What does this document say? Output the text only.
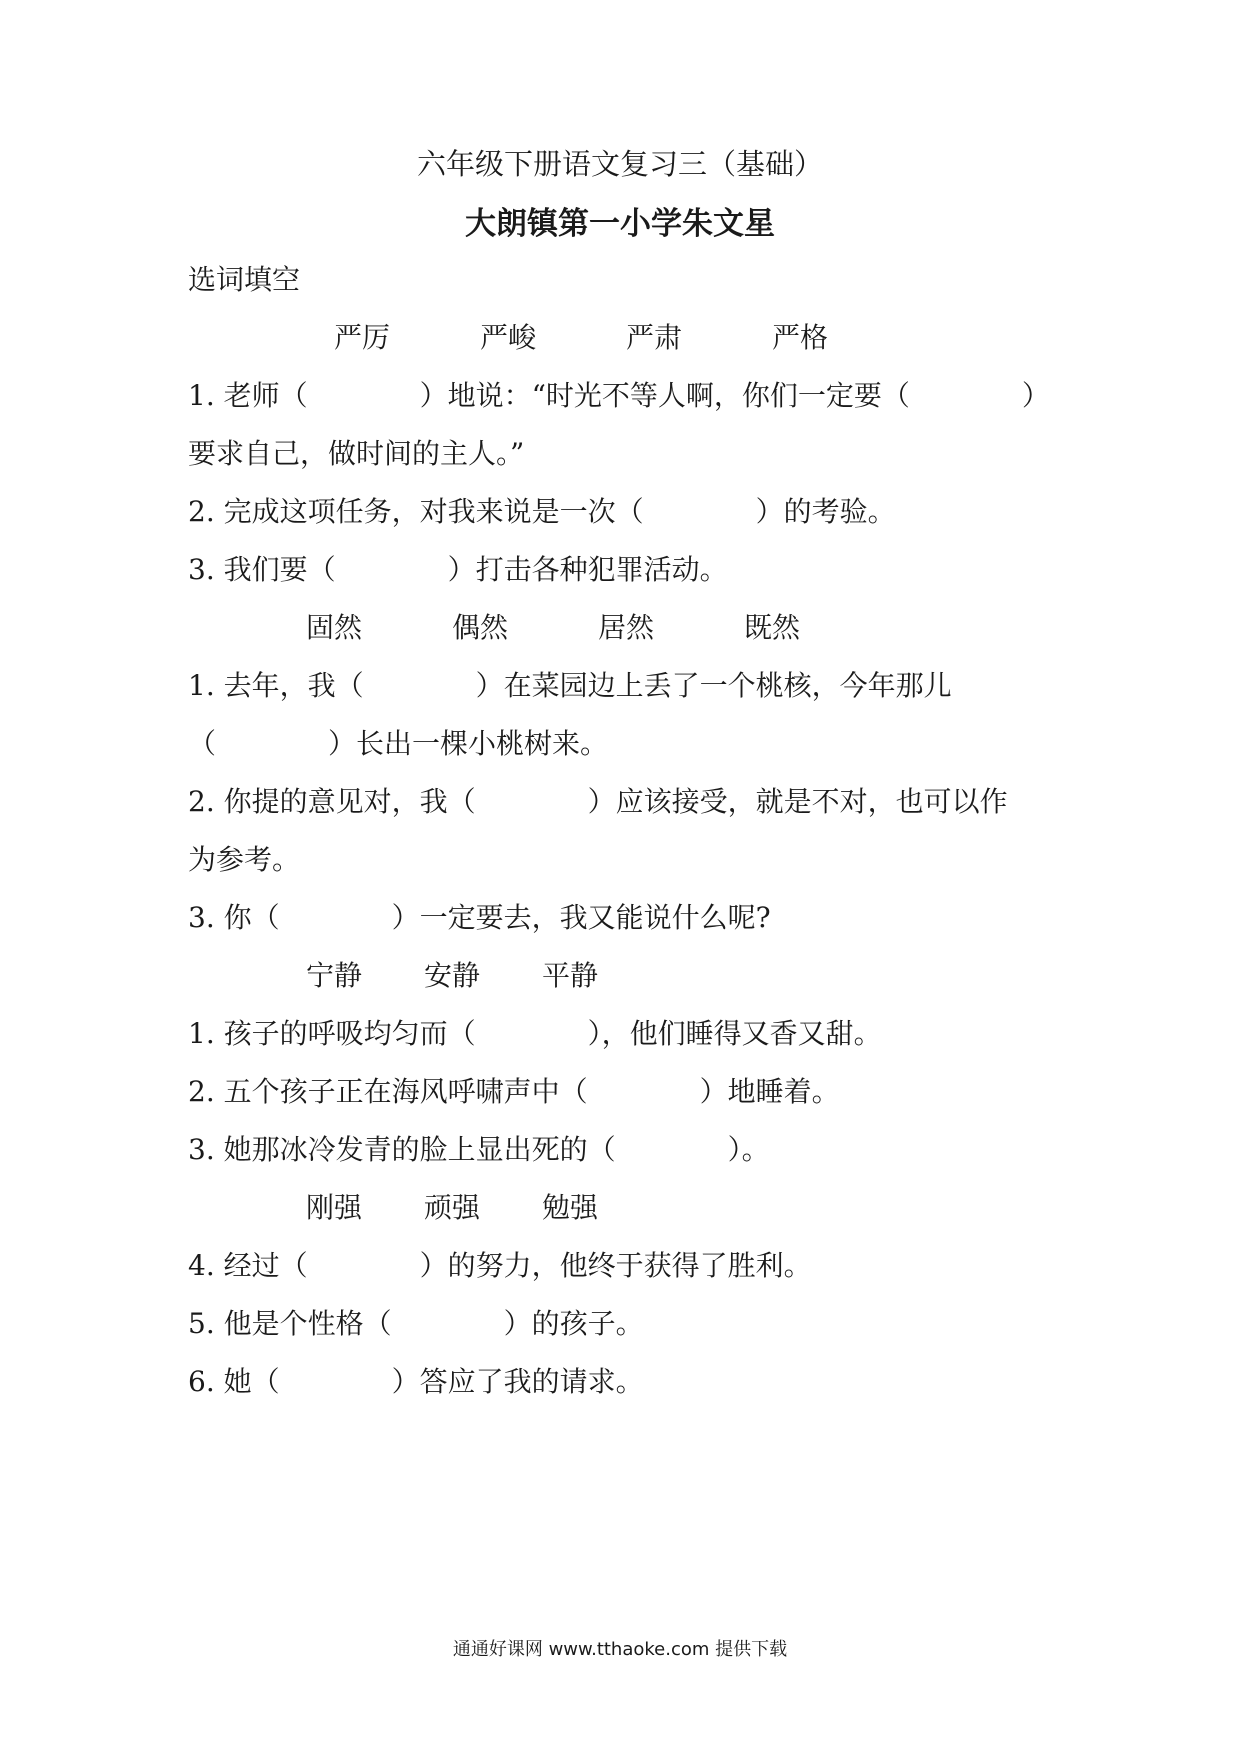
六年级下册语文复习三（基础）
大朗镇第一小学朱文星
选词填空
严厉	严峻	严肃	严格
1. 老师（　　　　）地说：“时光不等人啊，你们一定要（　　　　）
要求自己，做时间的主人。”
2. 完成这项任务，对我来说是一次（　　　　）的考验。
3. 我们要（　　　　）打击各种犯罪活动。
固然	偶然	居然	既然
1. 去年，我（　　　　）在菜园边上丢了一个桃核，今年那儿
（　　　　）长出一棵小桃树来。
2. 你提的意见对，我（　　　　）应该接受，就是不对，也可以作
为参考。
3. 你（　　　　）一定要去，我又能说什么呢?
宁静 安静 平静
1. 孩子的呼吸均匀而（　　　　），他们睡得又香又甜。
2. 五个孩子正在海风呼啸声中（　　　　）地睡着。
3. 她那冰冷发青的脸上显出死的（　　　　）。
刚强 顽强 勉强
4. 经过（　　　　）的努力，他终于获得了胜利。
5. 他是个性格（　　　　）的孩子。
6. 她（　　　　）答应了我的请求。
通通好课网 www.tthaoke.com 提供下载
